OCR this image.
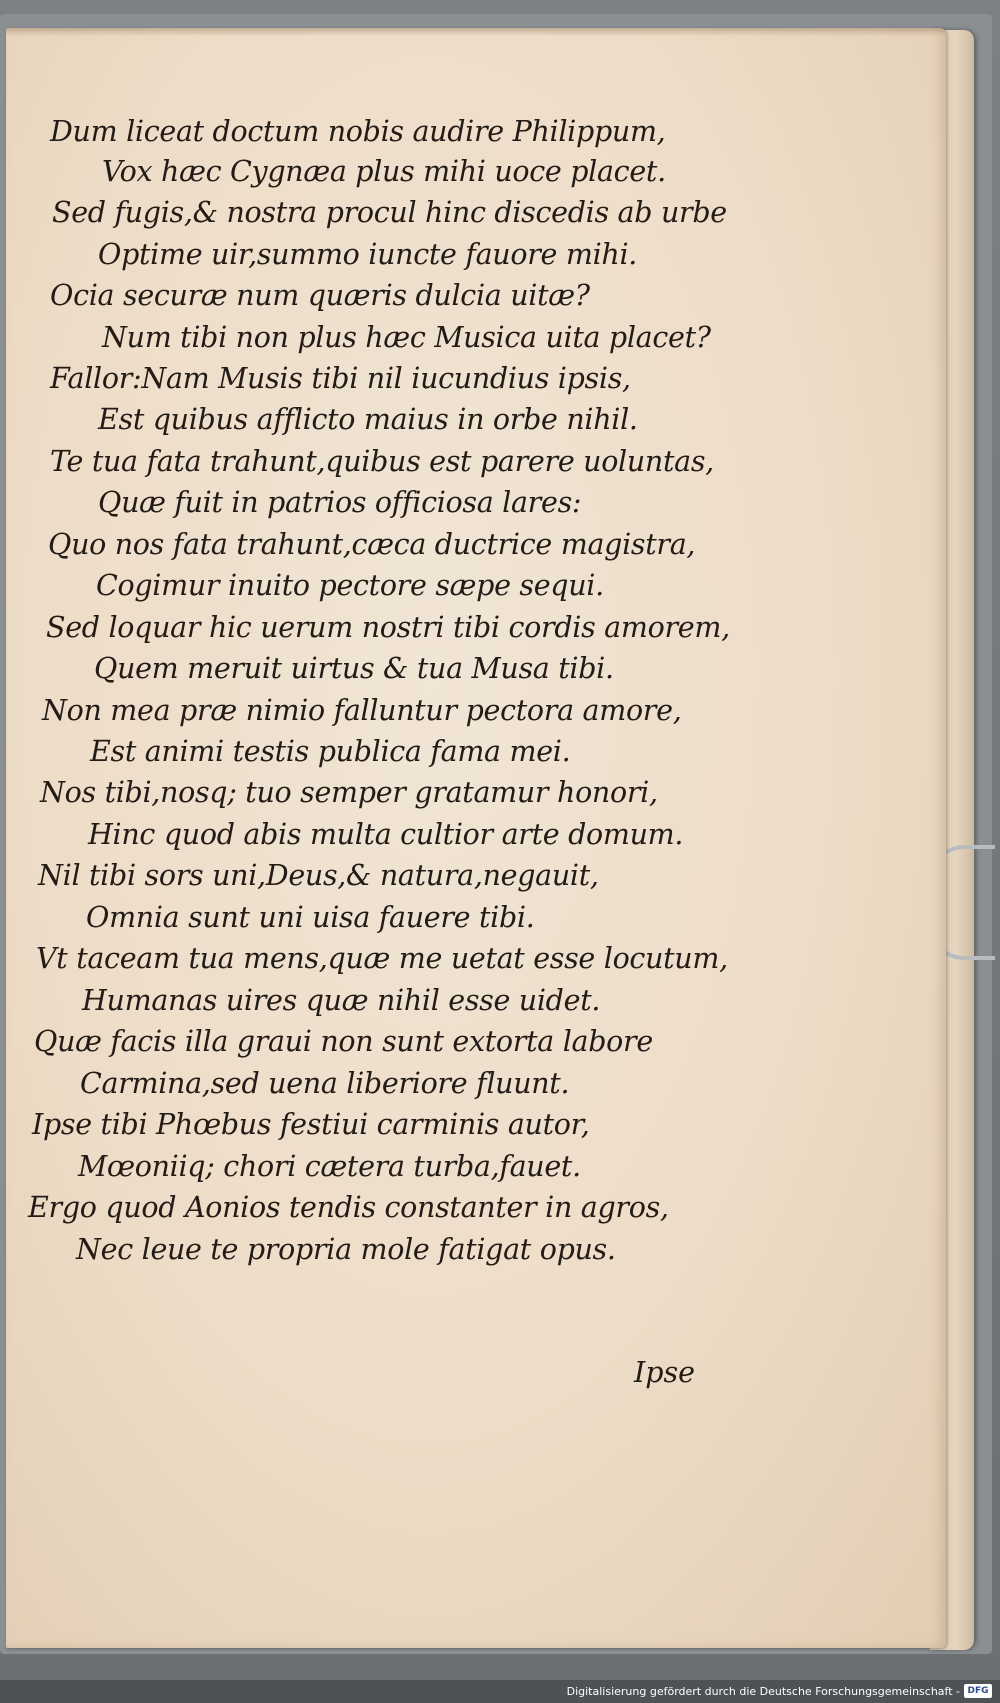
Dum liceat doctum nobis audire Philippum,
Vox hæc Cygnæa plus mihi uoce placet.
Sed fugis,& nostra procul hinc discedis ab urbe
Optime uir,summo iuncte fauore mihi.
Ocia securæ num quæris dulcia uitæ?
Num tibi non plus hæc Musica uita placet?
Fallor:Nam Musis tibi nil iucundius ipsis,
Est quibus afflicto maius in orbe nihil.
Te tua fata trahunt,quibus est parere uoluntas,
Quæ fuit in patrios officiosa lares:
Quo nos fata trahunt,cæca ductrice magistra,
Cogimur inuito pectore sæpe sequi.
Sed loquar hic uerum nostri tibi cordis amorem,
Quem meruit uirtus & tua Musa tibi.
Non mea præ nimio falluntur pectora amore,
Est animi testis publica fama mei.
Nos tibi,nosq; tuo semper gratamur honori,
Hinc quod abis multa cultior arte domum.
Nil tibi sors uni,Deus,& natura,negauit,
Omnia sunt uni uisa fauere tibi.
Vt taceam tua mens,quæ me uetat esse locutum,
Humanas uires quæ nihil esse uidet.
Quæ facis illa graui non sunt extorta labore
Carmina,sed uena liberiore fluunt.
Ipse tibi Phœbus festiui carminis autor,
Mœoniiq; chori cætera turba,fauet.
Ergo quod Aonios tendis constanter in agros,
Nec leue te propria mole fatigat opus.
Ipse
Digitalisierung gefördert durch die Deutsche Forschungsgemeinschaft - DFG
